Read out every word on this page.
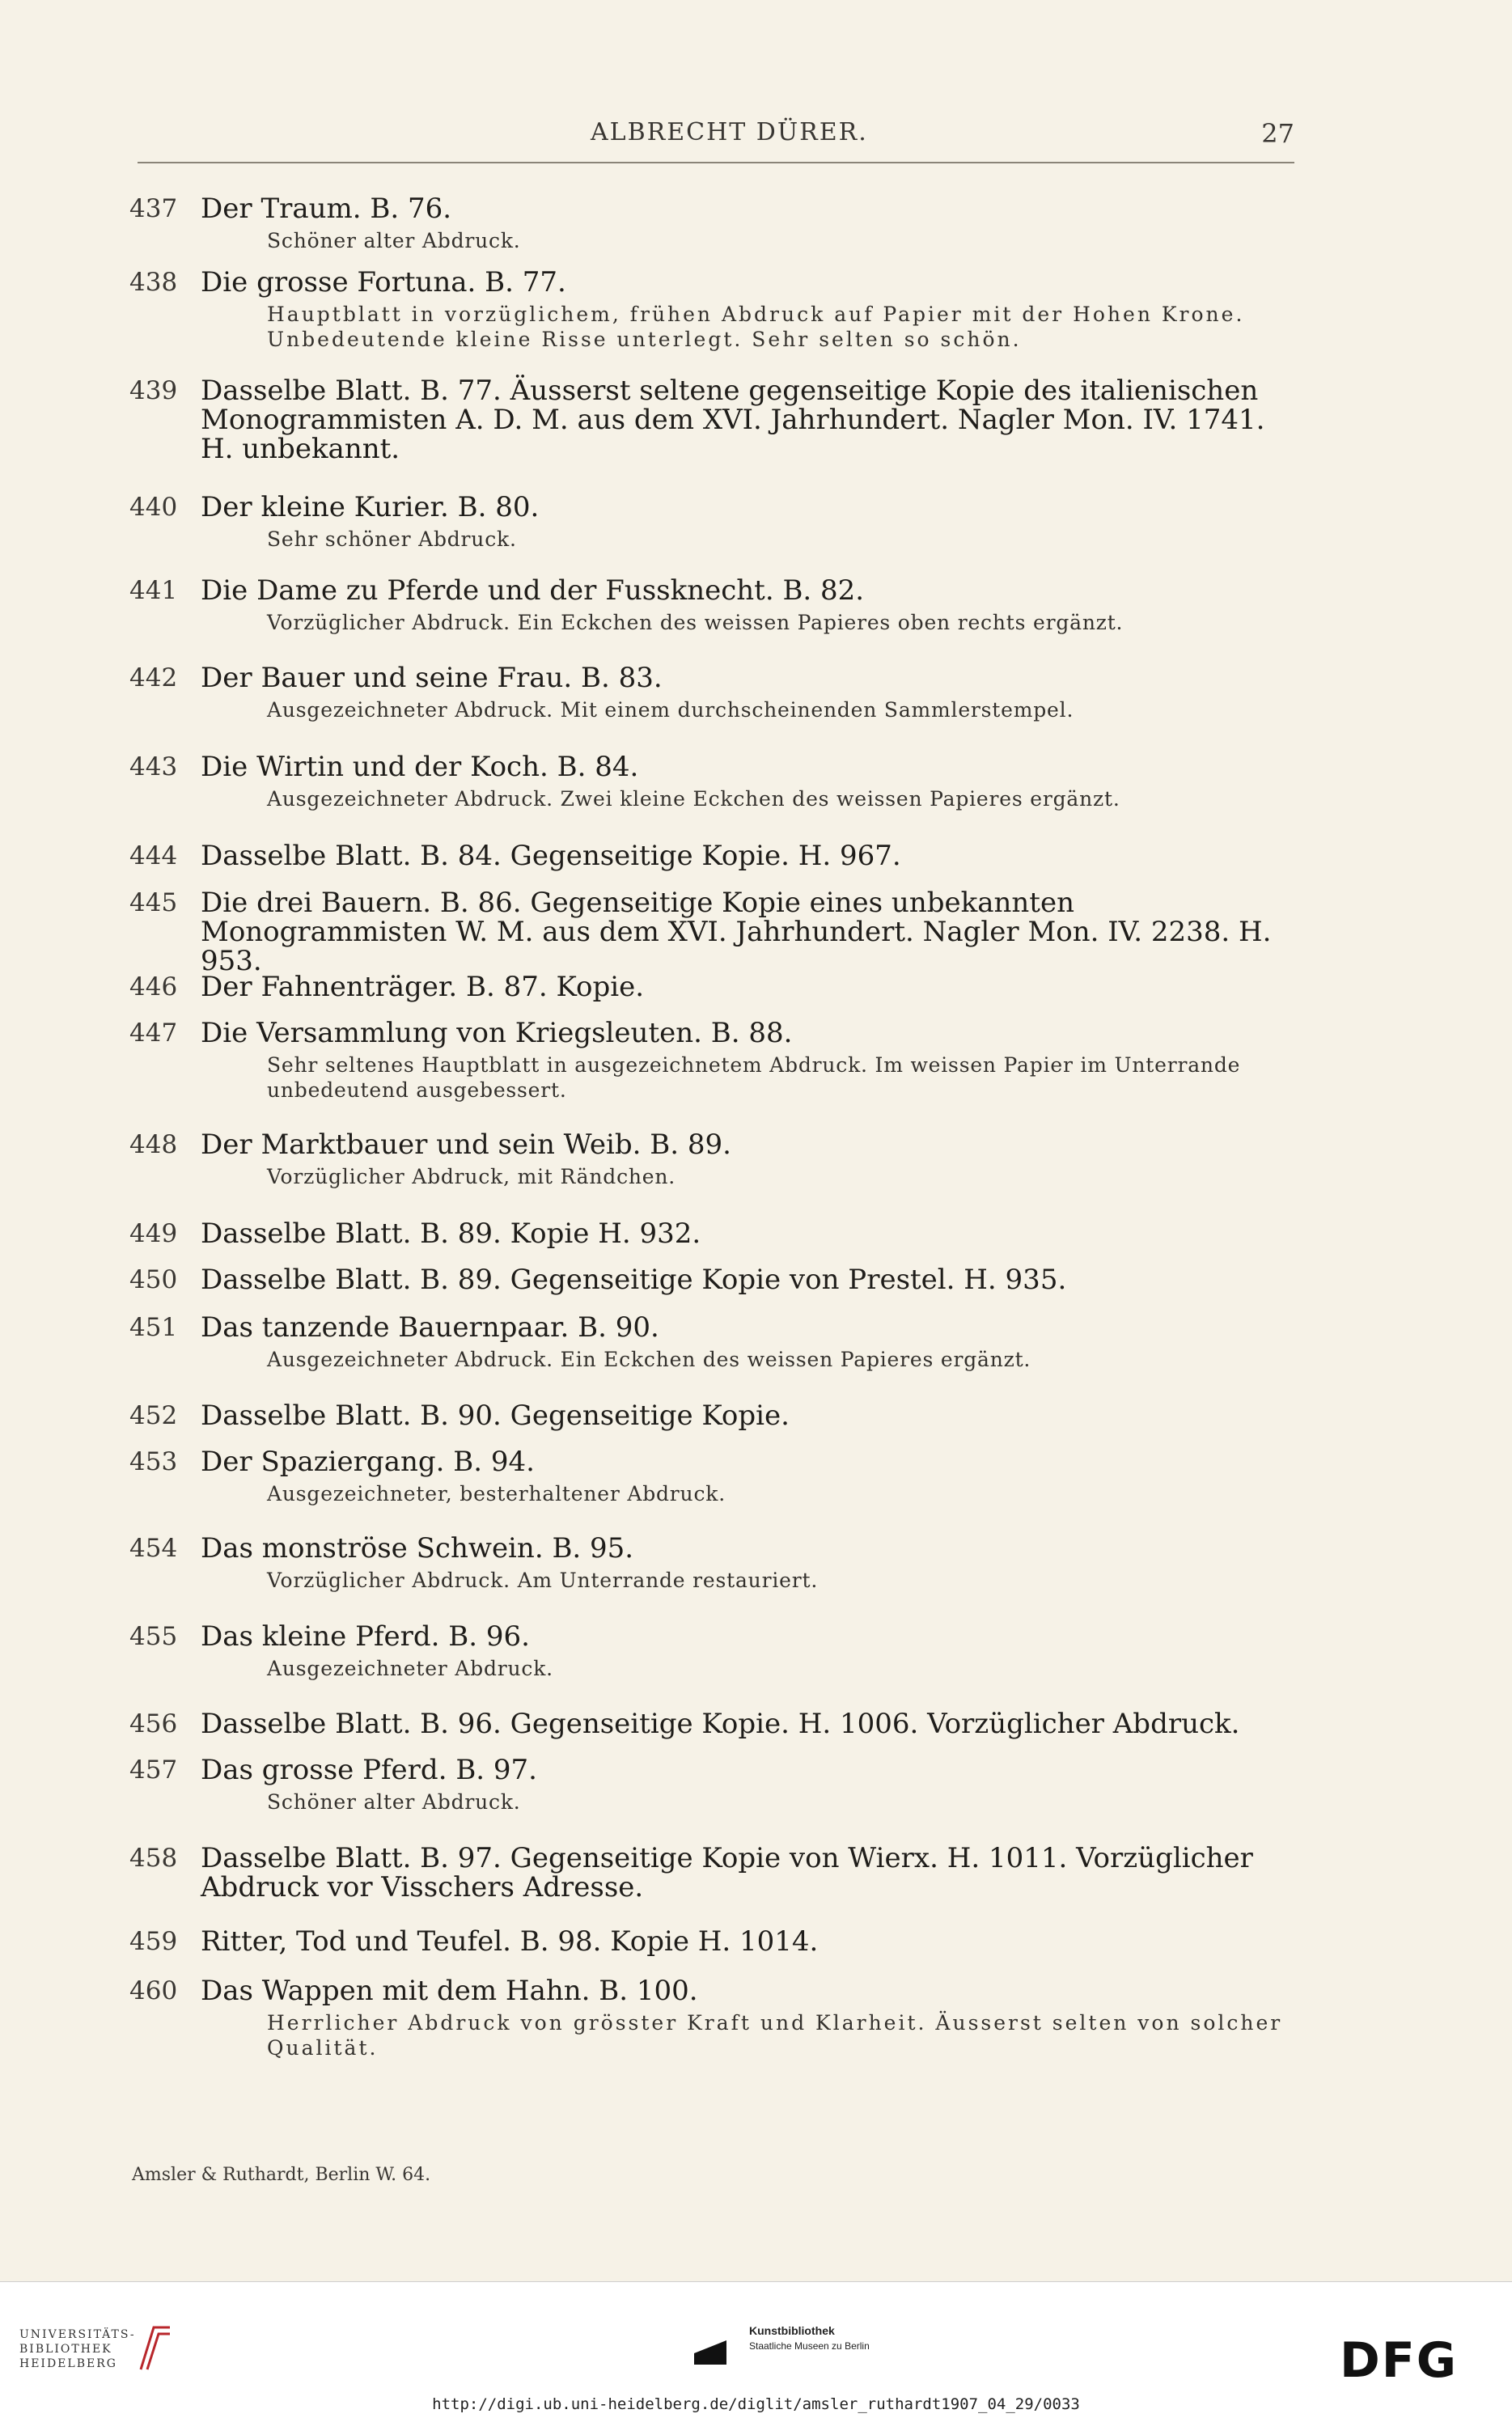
ALBRECHT DÜRER.	27
437 Der Traum. B. 76.
Schöner alter Abdruck.
438 Die grosse Fortuna. B. 77.
Hauptblatt in vorzüglichem, frühen Abdruck auf Papier mit der Hohen Krone. Unbedeutende kleine Risse unterlegt. Sehr selten so schön.
439 Dasselbe Blatt. B. 77. Äusserst seltene gegenseitige Kopie des italienischen Monogrammisten A. D. M. aus dem XVI. Jahrhundert. Nagler Mon. IV. 1741. H. unbekannt.
440 Der kleine Kurier. B. 80.
Sehr schöner Abdruck.
441 Die Dame zu Pferde und der Fussknecht. B. 82.
Vorzüglicher Abdruck. Ein Eckchen des weissen Papieres oben rechts ergänzt.
442 Der Bauer und seine Frau. B. 83.
Ausgezeichneter Abdruck. Mit einem durchscheinenden Sammlerstempel.
443 Die Wirtin und der Koch. B. 84.
Ausgezeichneter Abdruck. Zwei kleine Eckchen des weissen Papieres ergänzt.
444 Dasselbe Blatt. B. 84. Gegenseitige Kopie. H. 967.
445 Die drei Bauern. B. 86. Gegenseitige Kopie eines unbekannten Monogrammisten W. M. aus dem XVI. Jahrhundert. Nagler Mon. IV. 2238. H. 953.
446 Der Fahnenträger. B. 87. Kopie.
447 Die Versammlung von Kriegsleuten. B. 88.
Sehr seltenes Hauptblatt in ausgezeichnetem Abdruck. Im weissen Papier im Unterrande unbedeutend ausgebessert.
448 Der Marktbauer und sein Weib. B. 89.
Vorzüglicher Abdruck, mit Rändchen.
449 Dasselbe Blatt. B. 89. Kopie H. 932.
450 Dasselbe Blatt. B. 89. Gegenseitige Kopie von Prestel. H. 935.
451 Das tanzende Bauernpaar. B. 90.
Ausgezeichneter Abdruck. Ein Eckchen des weissen Papieres ergänzt.
452 Dasselbe Blatt. B. 90. Gegenseitige Kopie.
453 Der Spaziergang. B. 94.
Ausgezeichneter, besterhaltener Abdruck.
454 Das monströse Schwein. B. 95.
Vorzüglicher Abdruck. Am Unterrande restauriert.
455 Das kleine Pferd. B. 96.
Ausgezeichneter Abdruck.
456 Dasselbe Blatt. B. 96. Gegenseitige Kopie. H. 1006. Vorzüglicher Abdruck.
457 Das grosse Pferd. B. 97.
Schöner alter Abdruck.
458 Dasselbe Blatt. B. 97. Gegenseitige Kopie von Wierx. H. 1011. Vorzüglicher Abdruck vor Visschers Adresse.
459 Ritter, Tod und Teufel. B. 98. Kopie H. 1014.
460 Das Wappen mit dem Hahn. B. 100.
Herrlicher Abdruck von grösster Kraft und Klarheit. Äusserst selten von solcher Qualität.
Amsler & Ruthardt, Berlin W. 64.
UNIVERSITÄTS-
BIBLIOTHEK
HEIDELBERG
Kunstbibliothek
Staatliche Museen zu Berlin	DFG
http://digi.ub.uni-heidelberg.de/diglit/amsler_ruthardt1907_04_29/0033
